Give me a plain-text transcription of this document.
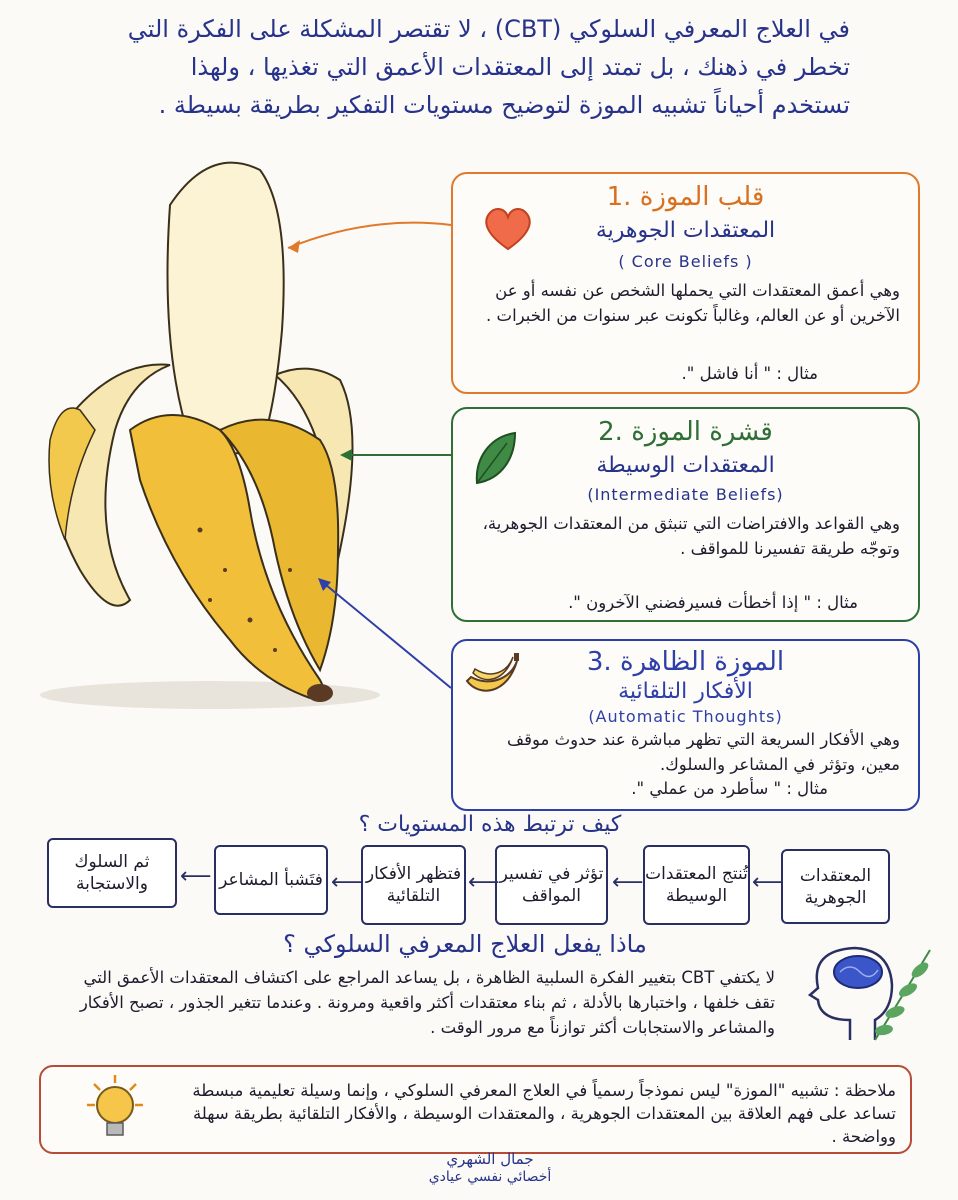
في العلاج المعرفي السلوكي (CBT) ، لا تقتصر المشكلة على الفكرة التي تخطر في ذهنك ، بل تمتد إلى المعتقدات الأعمق التي تغذيها ، ولهذا تستخدم أحياناً تشبيه الموزة لتوضيح مستويات التفكير بطريقة بسيطة .
1. قلب الموزة
المعتقدات الجوهرية
( Core Beliefs )
وهي أعمق المعتقدات التي يحملها الشخص عن نفسه أو عن الآخرين أو عن العالم، وغالباً تكونت عبر سنوات من الخبرات .
مثال : " أنا فاشل ".
2. قشرة الموزة
المعتقدات الوسيطة
(Intermediate Beliefs)
وهي القواعد والافتراضات التي تنبثق من المعتقدات الجوهرية، وتوجّه طريقة تفسيرنا للمواقف .
مثال : " إذا أخطأت فسيرفضني الآخرون ".
3. الموزة الظاهرة
الأفكار التلقائية
(Automatic Thoughts)
وهي الأفكار السريعة التي تظهر مباشرة عند حدوث موقف معين، وتؤثر في المشاعر والسلوك.
مثال : " سأطرد من عملي ".
كيف ترتبط هذه المستويات ؟
المعتقدات الجوهرية
⟵
تُنتج المعتقدات الوسيطة
⟵
تؤثر في تفسير المواقف
⟵
فتظهر الأفكار التلقائية
⟵
فتَشبأ المشاعر
⟵
ثم السلوك والاستجابة
ماذا يفعل العلاج المعرفي السلوكي ؟
لا يكتفي CBT بتغيير الفكرة السلبية الظاهرة ، بل يساعد المراجع على اكتشاف المعتقدات الأعمق التي تقف خلفها ، واختبارها بالأدلة ، ثم بناء معتقدات أكثر واقعية ومرونة . وعندما تتغير الجذور ، تصبح الأفكار والمشاعر والاستجابات أكثر توازناً مع مرور الوقت .
ملاحظة : تشبيه "الموزة" ليس نموذجاً رسمياً في العلاج المعرفي السلوكي ، وإنما وسيلة تعليمية مبسطة تساعد على فهم العلاقة بين المعتقدات الجوهرية ، والمعتقدات الوسيطة ، والأفكار التلقائية بطريقة سهلة وواضحة .
جمال الشهري
أخصائي نفسي عيادي
